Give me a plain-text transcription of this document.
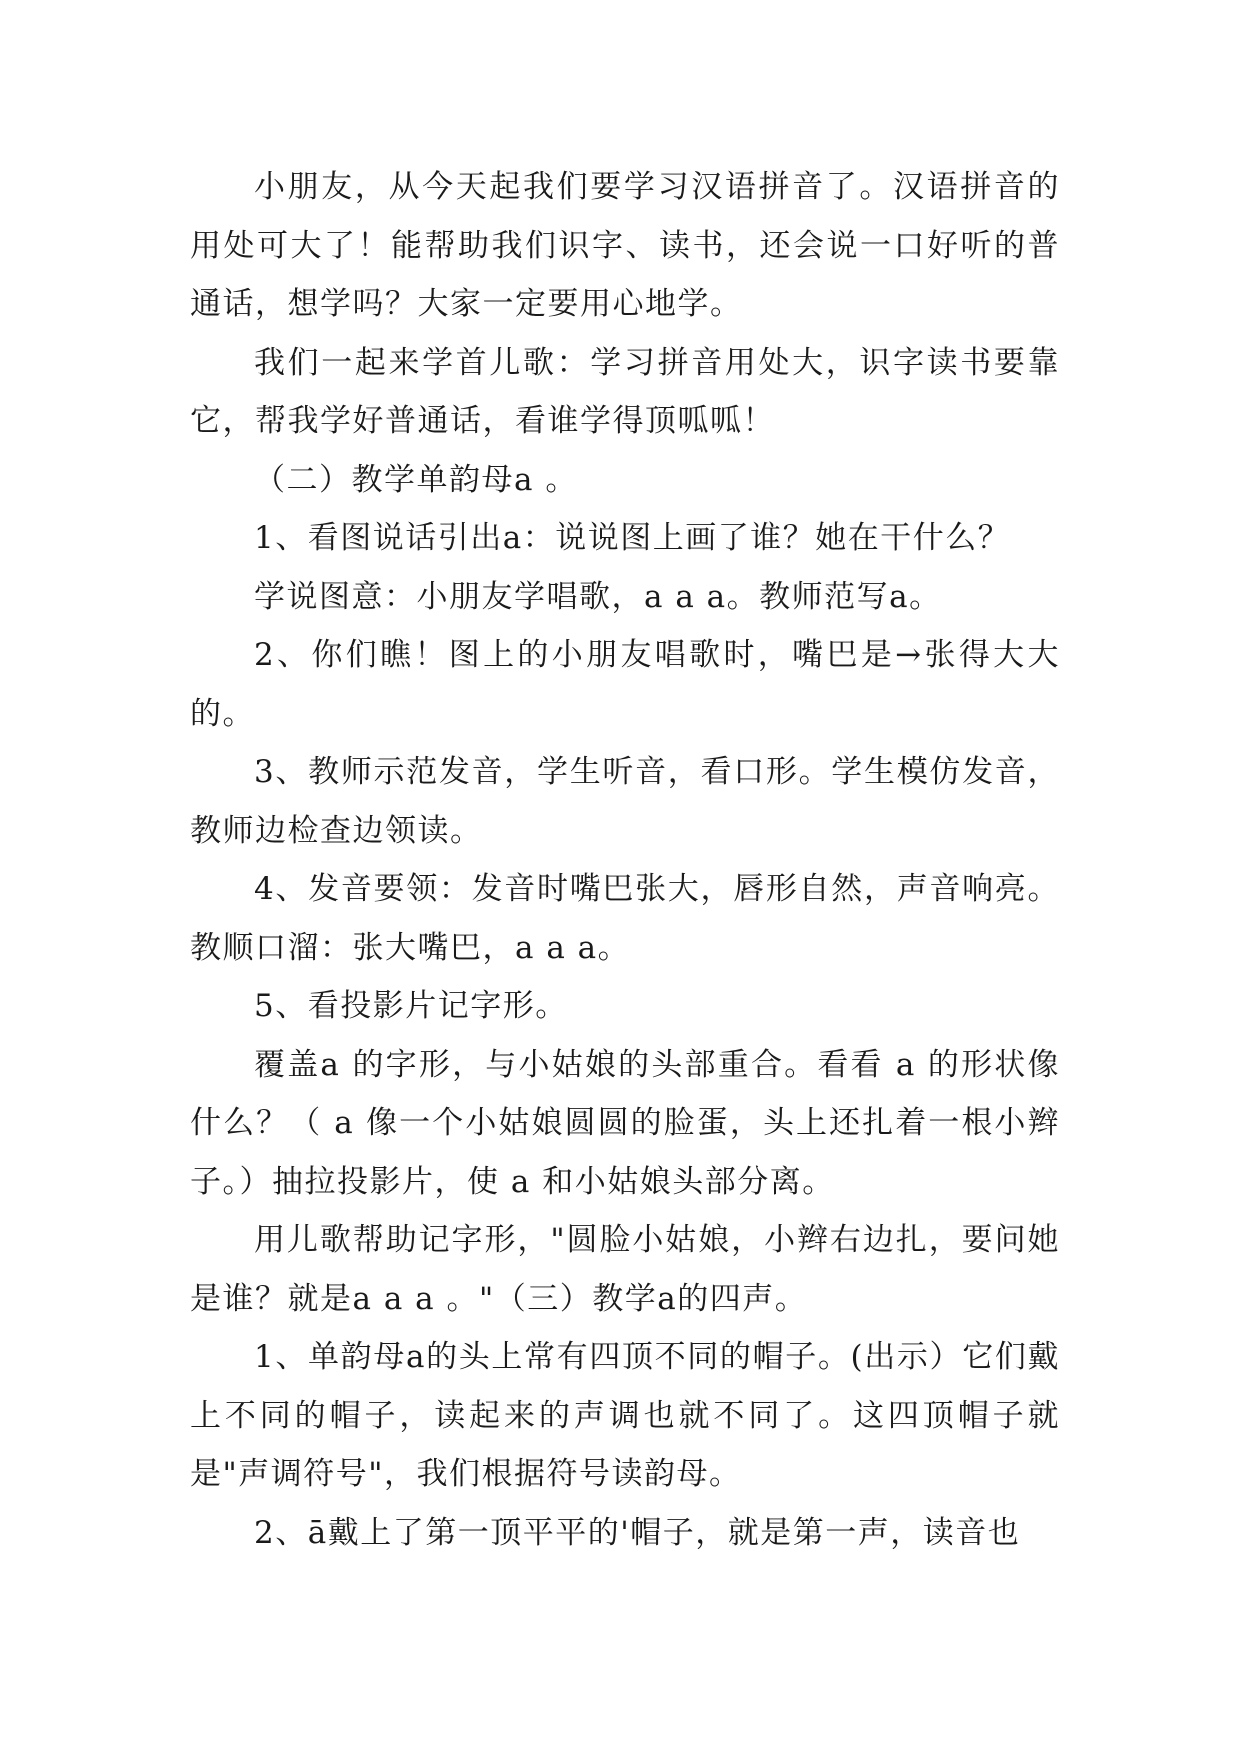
小朋友，从今天起我们要学习汉语拼音了。汉语拼音的用处可大了！能帮助我们识字、读书，还会说一口好听的普通话，想学吗？大家一定要用心地学。

我们一起来学首儿歌：学习拼音用处大，识字读书要靠它，帮我学好普通话，看谁学得顶呱呱！

（二）教学单韵母a 。

1、看图说话引出a：说说图上画了谁？她在干什么？

学说图意：小朋友学唱歌，a a a。教师范写a。

2、你们瞧！图上的小朋友唱歌时，嘴巴是→张得大大的。

3、教师示范发音，学生听音，看口形。学生模仿发音，教师边检查边领读。

4、发音要领：发音时嘴巴张大，唇形自然，声音响亮。教顺口溜：张大嘴巴，a a a。

5、看投影片记字形。

覆盖a 的字形，与小姑娘的头部重合。看看 a 的形状像什么？（ a 像一个小姑娘圆圆的脸蛋，头上还扎着一根小辫子。）抽拉投影片，使 a 和小姑娘头部分离。

用儿歌帮助记字形，"圆脸小姑娘，小辫右边扎，要问她是谁？就是a a a 。"（三）教学a的四声。

1、单韵母a的头上常有四顶不同的帽子。(出示）它们戴上不同的帽子，读起来的声调也就不同了。这四顶帽子就是"声调符号"，我们根据符号读韵母。

2、ā戴上了第一顶平平的'帽子，就是第一声，读音也
